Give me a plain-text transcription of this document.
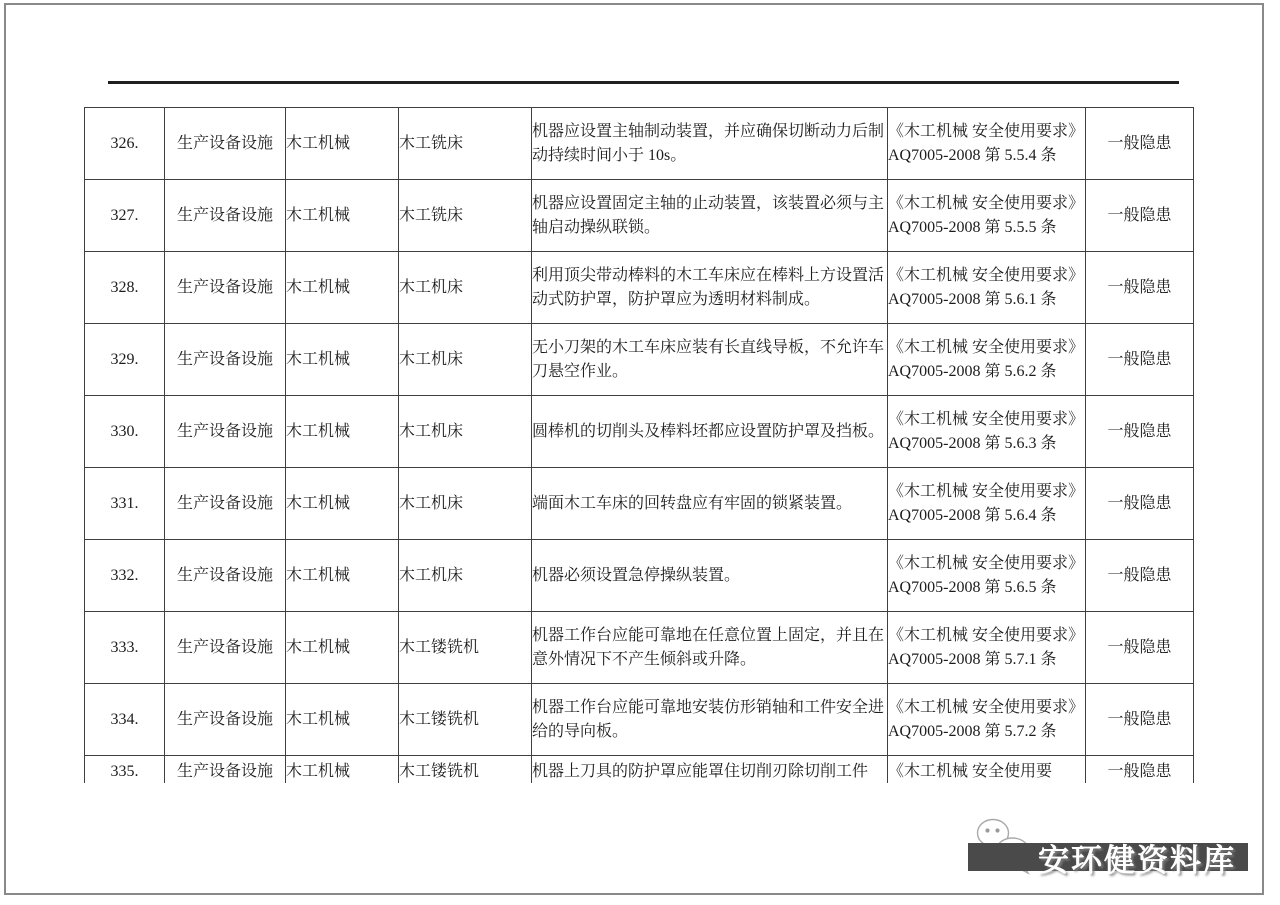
326.	生产设备设施	木工机械	木工铣床	机器应设置主轴制动装置，并应确保切断动力后制动持续时间小于 10s。	《木工机械 安全使用要求》AQ7005-2008 第 5.5.4 条	一般隐患
327.	生产设备设施	木工机械	木工铣床	机器应设置固定主轴的止动装置，该装置必须与主轴启动操纵联锁。	《木工机械 安全使用要求》AQ7005-2008 第 5.5.5 条	一般隐患
328.	生产设备设施	木工机械	木工机床	利用顶尖带动棒料的木工车床应在棒料上方设置活动式防护罩，防护罩应为透明材料制成。	《木工机械 安全使用要求》AQ7005-2008 第 5.6.1 条	一般隐患
329.	生产设备设施	木工机械	木工机床	无小刀架的木工车床应装有长直线导板，不允许车刀悬空作业。	《木工机械 安全使用要求》AQ7005-2008 第 5.6.2 条	一般隐患
330.	生产设备设施	木工机械	木工机床	圆棒机的切削头及棒料坯都应设置防护罩及挡板。	《木工机械 安全使用要求》AQ7005-2008 第 5.6.3 条	一般隐患
331.	生产设备设施	木工机械	木工机床	端面木工车床的回转盘应有牢固的锁紧装置。	《木工机械 安全使用要求》AQ7005-2008 第 5.6.4 条	一般隐患
332.	生产设备设施	木工机械	木工机床	机器必须设置急停操纵装置。	《木工机械 安全使用要求》AQ7005-2008 第 5.6.5 条	一般隐患
333.	生产设备设施	木工机械	木工镂铣机	机器工作台应能可靠地在任意位置上固定，并且在意外情况下不产生倾斜或升降。	《木工机械 安全使用要求》AQ7005-2008 第 5.7.1 条	一般隐患
334.	生产设备设施	木工机械	木工镂铣机	机器工作台应能可靠地安装仿形销轴和工件安全进给的导向板。	《木工机械 安全使用要求》AQ7005-2008 第 5.7.2 条	一般隐患
335.	生产设备设施	木工机械	木工镂铣机	机器上刀具的防护罩应能罩住切削刃除切削工件	《木工机械 安全使用要	一般隐患
安环健资料库
